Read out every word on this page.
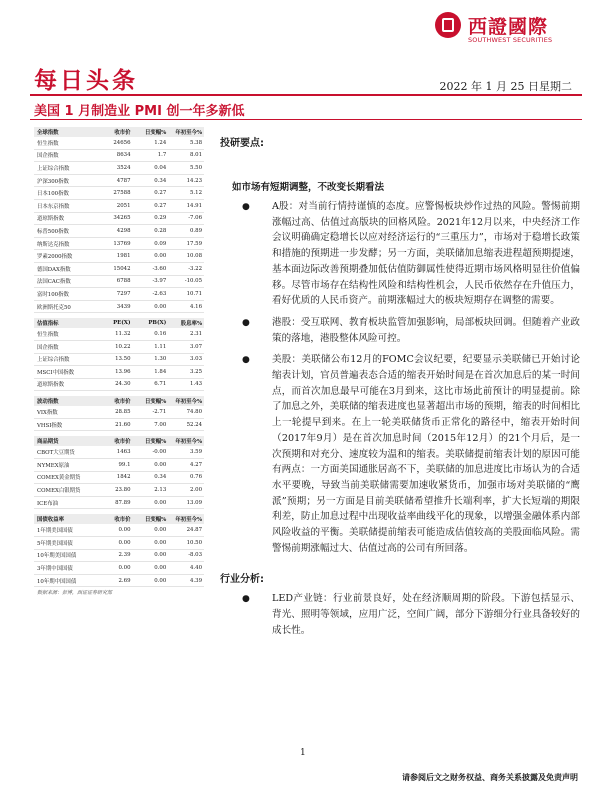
西證國際
SOUTHWEST SECURITIES
每日头条	2022 年 1 月 25 日星期二
美国 1 月制造业 PMI 创一年多新低
全球指数	收市价	日变幅%	年初至今%
恒生指数	24656	1.24	5.38
国企指数	8634	1.7	8.01
上证综合指数	3524	0.04	5.50
沪深300指数	4787	0.34	14.23
日本100指数	27588	0.27	5.12
日本东京指数	2051	0.27	14.91
道琼斯指数	34265	0.29	-7.06
标普500指数	4298	0.28	0.89
纳斯达克指数	13769	0.09	17.59
罗素2000指数	1981	0.00	10.08
德国DAX指数	15042	-3.60	-3.22
法国CAC指数	6788	-3.97	-10.05
富时100指数	7297	-2.63	10.71
欧洲斯托克50	3439	0.00	4.16
估值指标	PE(X)	PB(X)	股息率%
恒生指数	11.32	0.16	2.31
国企指数	10.22	1.11	3.07
上证综合指数	13.50	1.30	3.03
MSCI中国指数	13.96	1.84	3.25
道琼斯指数	24.30	6.71	1.43
波动指数	收市价	日变幅%	年初至今%
VIX指数	28.85	-2.71	74.80
VHSI指数	21.60	7.00	52.24
商品期货	收市价	日变幅%	年初至今%
CBOT大豆期货	1463	-0.00	3.59
NYMEX原油	99.1	0.00	4.27
COMEX黄金期货	1842	0.34	0.76
COMEX白银期货	23.80	2.13	2.00
ICE布油	87.89	0.00	13.09
国债收益率	收市价	日变幅%	年初至今%
1年期美国国债	0.00	0.00	24.87
5年期美国国债	0.00	0.00	10.50
10年期美国国债	2.39	0.00	-8.03
3年期中国国债	0.00	0.00	4.40
10年期中国国债	2.69	0.00	4.39
数据来源：彭博，西证证券研究部
投研要点:
如市场有短期调整，不改变长期看法
● A股：对当前行情持谨慎的态度。应警惕板块炒作过热的风险。警惕前期涨幅过高、估值过高版块的回格风险。2021年12月以来，中央经济工作会议明确确定稳增长以应对经济运行的“三重压力”，市场对于稳增长政策和措施的预期进一步发酵；另一方面，美联储加息缩表进程超预期提速，基本面边际改善预期叠加低估值防御属性使得近期市场风格明显往价值偏移。尽管市场存在结构性风险和结构性机会，人民币依然存在升值压力，看好优质的人民币资产。前期涨幅过大的板块短期存在调整的需要。
● 港股：受互联网、教育板块监管加强影响，局部板块回调。但随着产业政策的落地，港股整体风险可控。
● 美股：美联储公布12月的FOMC会议纪要，纪要显示美联储已开始讨论缩表计划，官员普遍表态合适的缩表开始时间是在首次加息后的某一时间点，而首次加息最早可能在3月到来，这比市场此前预计的明显提前。除了加息之外，美联储的缩表进度也显著超出市场的预期，缩表的时间相比上一轮提早到来。在上一轮美联储货币正常化的路径中，缩表开始时间（2017年9月）是在首次加息时间（2015年12月）的21个月后，是一次预期和对充分、速度较为温和的缩表。美联储提前缩表计划的原因可能有两点：一方面美国通胀居高不下，美联储的加息进度比市场认为的合适水平要晚，导致当前美联储需要加速收紧货币，加强市场对美联储的“鹰派”预期；另一方面是目前美联储希望推升长端利率，扩大长短端的期限利差，防止加息过程中出现收益率曲线平化的现象，以增强金融体系内部风险收益的平衡。美联储提前缩表可能造成估值较高的美股面临风险。需警惕前期涨幅过大、估值过高的公司有所回落。
行业分析:
● LED产业链：行业前景良好，处在经济顺周期的阶段。下游包括显示、背光、照明等领域，应用广泛，空间广阔，部分下游细分行业具备较好的成长性。
1
请参阅后文之财务权益、商务关系披露及免责声明
